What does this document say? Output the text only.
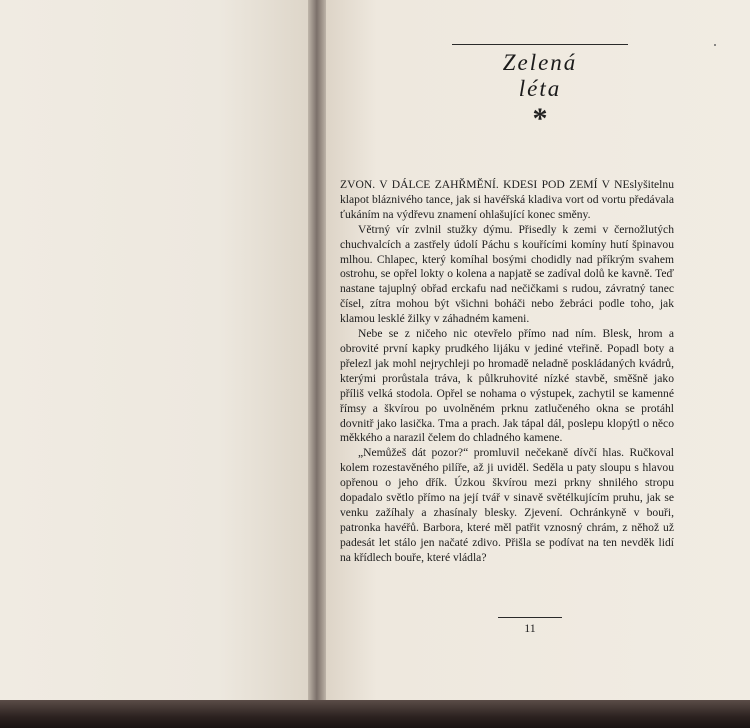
Zelená
léta
*

ZVON. V DÁLCE ZAHŘMĚNÍ. KDESI POD ZEMÍ V NEslyšitelnu klapot bláznivého tance, jak si havéřská kladiva vort od vortu předávala ťukáním na výdřevu znamení ohlašující konec směny.

Větrný vír zvlnil stužky dýmu. Přisedly k zemi v černožlutých chuchvalcích a zastřely údolí Páchu s kouřícími komíny hutí špinavou mlhou. Chlapec, který komíhal bosými chodidly nad příkrým svahem ostrohu, se opřel lokty o kolena a napjatě se zadíval dolů ke kavně. Teď nastane tajuplný obřad erckafu nad nečičkami s rudou, závratný tanec čísel, zítra mohou být všichni boháči nebo žebráci podle toho, jak klamou lesklé žilky v záhadném kameni.

Nebe se z ničeho nic otevřelo přímo nad ním. Blesk, hrom a obrovité první kapky prudkého lijáku v jediné vteřině. Popadl boty a přelezl jak mohl nejrychleji po hromadě neladně poskládaných kvádrů, kterými prorůstala tráva, k půlkruhovité nízké stavbě, směšně jako příliš velká stodola. Opřel se nohama o výstupek, zachytil se kamenné římsy a škvírou po uvolněném prknu zatlučeného okna se protáhl dovnitř jako lasička. Tma a prach. Jak tápal dál, poslepu klopýtl o něco měkkého a narazil čelem do chladného kamene.

„Nemůžeš dát pozor?“ promluvil nečekaně dívčí hlas. Ručkoval kolem rozestavěného pilíře, až ji uviděl. Seděla u paty sloupu s hlavou opřenou o jeho dřík. Úzkou škvírou mezi prkny shnilého stropu dopadalo světlo přímo na její tvář v sinavě světélkujícím pruhu, jak se venku zažíhaly a zhasínaly blesky. Zjevení. Ochránkyně v bouři, patronka havéřů. Barbora, které měl patřit vznosný chrám, z něhož už padesát let stálo jen načaté zdivo. Přišla se podívat na ten nevděk lidí na křídlech bouře, které vládla?

11
